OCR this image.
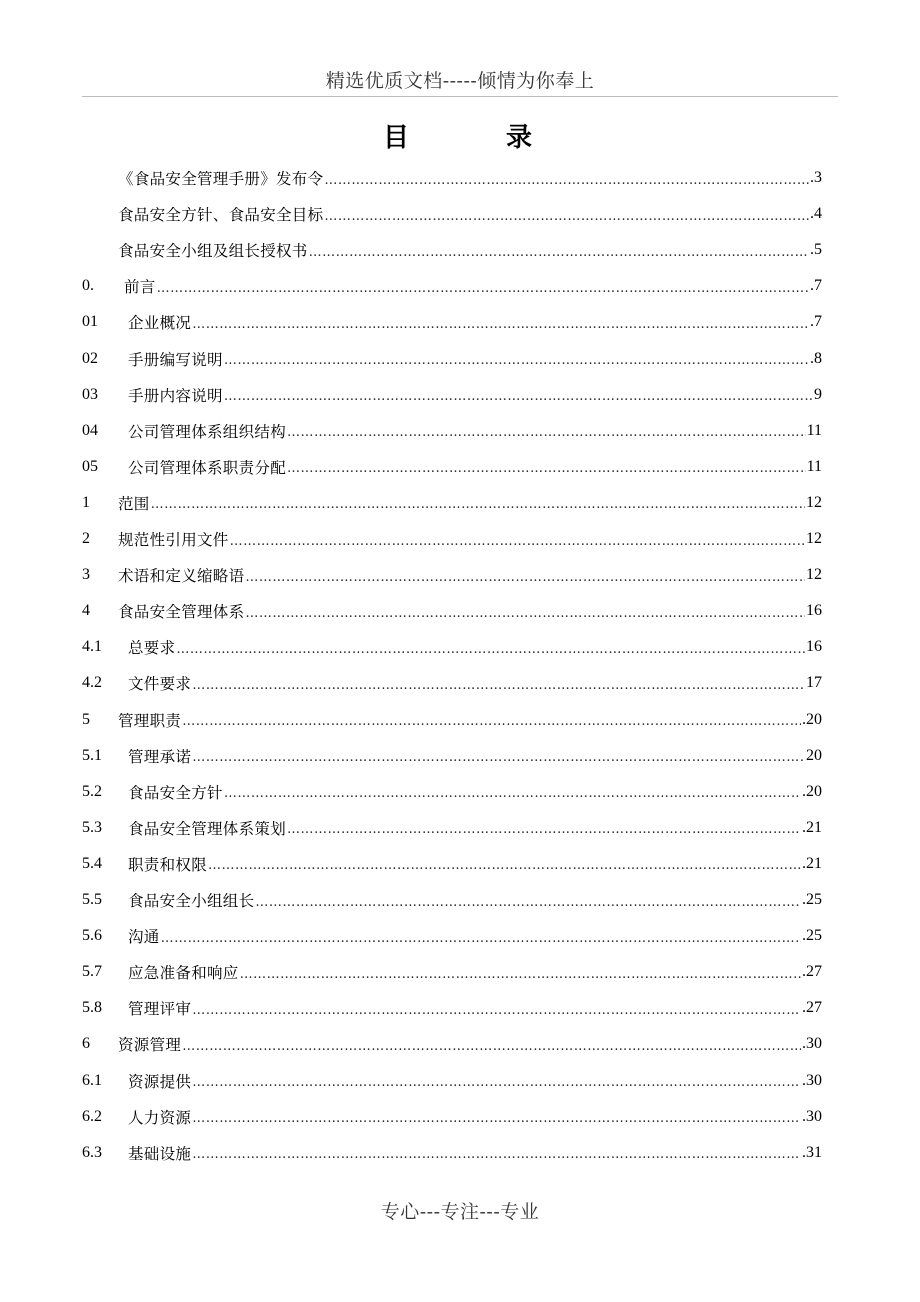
精选优质文档-----倾情为你奉上
目	录
《食品安全管理手册》发布令 …………………………………………………………………………………………………………………………………………………………………………………………………………	.3
食品安全方针、食品安全目标 …………………………………………………………………………………………………………………………………………………………………………………………………………	.4
食品安全小组及组长授权书 …………………………………………………………………………………………………………………………………………………………………………………………………………	.5
0.	前言 …………………………………………………………………………………………………………………………………………………………………………………………………………	.7
01	企业概况 …………………………………………………………………………………………………………………………………………………………………………………………………………	.7
02	手册编写说明 …………………………………………………………………………………………………………………………………………………………………………………………………………	.8
03	手册内容说明 …………………………………………………………………………………………………………………………………………………………………………………………………………	9
04	公司管理体系组织结构 …………………………………………………………………………………………………………………………………………………………………………………………………………	11
05	公司管理体系职责分配 …………………………………………………………………………………………………………………………………………………………………………………………………………	11
1	范围 …………………………………………………………………………………………………………………………………………………………………………………………………………	12
2	规范性引用文件 …………………………………………………………………………………………………………………………………………………………………………………………………………	12
3	术语和定义缩略语 …………………………………………………………………………………………………………………………………………………………………………………………………………	12
4	食品安全管理体系 …………………………………………………………………………………………………………………………………………………………………………………………………………	16
4.1	总要求 …………………………………………………………………………………………………………………………………………………………………………………………………………	16
4.2	文件要求 …………………………………………………………………………………………………………………………………………………………………………………………………………	17
5	管理职责 …………………………………………………………………………………………………………………………………………………………………………………………………………	.20
5.1	管理承诺 …………………………………………………………………………………………………………………………………………………………………………………………………………	20
5.2	食品安全方针 …………………………………………………………………………………………………………………………………………………………………………………………………………	.20
5.3	食品安全管理体系策划 …………………………………………………………………………………………………………………………………………………………………………………………………………	.21
5.4	职责和权限 …………………………………………………………………………………………………………………………………………………………………………………………………………	.21
5.5	食品安全小组组长 …………………………………………………………………………………………………………………………………………………………………………………………………………	.25
5.6	沟通 …………………………………………………………………………………………………………………………………………………………………………………………………………	.25
5.7	应急准备和响应 …………………………………………………………………………………………………………………………………………………………………………………………………………	.27
5.8	管理评审 …………………………………………………………………………………………………………………………………………………………………………………………………………	.27
6	资源管理 …………………………………………………………………………………………………………………………………………………………………………………………………………	.30
6.1	资源提供 …………………………………………………………………………………………………………………………………………………………………………………………………………	.30
6.2	人力资源 …………………………………………………………………………………………………………………………………………………………………………………………………………	.30
6.3	基础设施 …………………………………………………………………………………………………………………………………………………………………………………………………………	.31
专心---专注---专业
